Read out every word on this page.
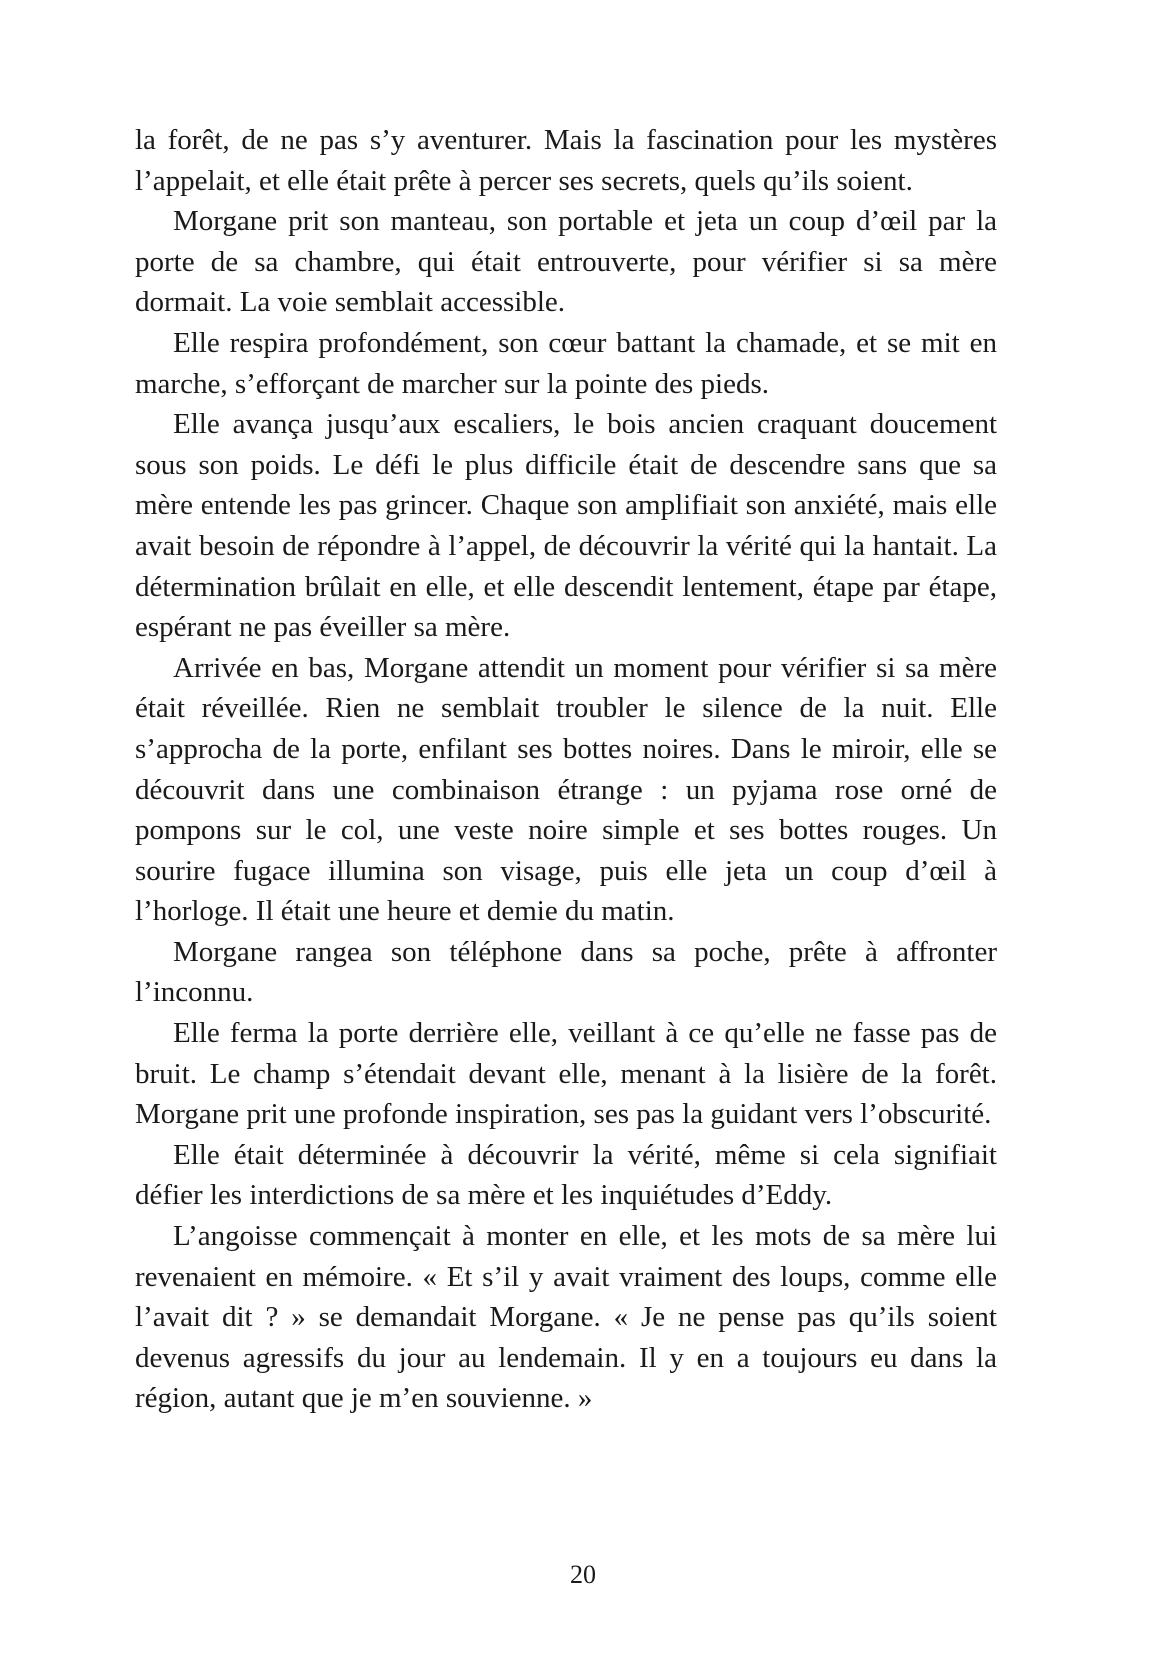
la forêt, de ne pas s’y aventurer. Mais la fascination pour les mystères l’appelait, et elle était prête à percer ses secrets, quels qu’ils soient.

Morgane prit son manteau, son portable et jeta un coup d’œil par la porte de sa chambre, qui était entrouverte, pour vérifier si sa mère dormait. La voie semblait accessible.

Elle respira profondément, son cœur battant la chamade, et se mit en marche, s’efforçant de marcher sur la pointe des pieds.

Elle avança jusqu’aux escaliers, le bois ancien craquant doucement sous son poids. Le défi le plus difficile était de descendre sans que sa mère entende les pas grincer. Chaque son amplifiait son anxiété, mais elle avait besoin de répondre à l’appel, de découvrir la vérité qui la hantait. La détermination brûlait en elle, et elle descendit lentement, étape par étape, espérant ne pas éveiller sa mère.

Arrivée en bas, Morgane attendit un moment pour vérifier si sa mère était réveillée. Rien ne semblait troubler le silence de la nuit. Elle s’approcha de la porte, enfilant ses bottes noires. Dans le miroir, elle se découvrit dans une combinaison étrange : un pyjama rose orné de pompons sur le col, une veste noire simple et ses bottes rouges. Un sourire fugace illumina son visage, puis elle jeta un coup d’œil à l’horloge. Il était une heure et demie du matin.

Morgane rangea son téléphone dans sa poche, prête à affronter l’inconnu.

Elle ferma la porte derrière elle, veillant à ce qu’elle ne fasse pas de bruit. Le champ s’étendait devant elle, menant à la lisière de la forêt. Morgane prit une profonde inspiration, ses pas la guidant vers l’obscurité.

Elle était déterminée à découvrir la vérité, même si cela signifiait défier les interdictions de sa mère et les inquiétudes d’Eddy.

L’angoisse commençait à monter en elle, et les mots de sa mère lui revenaient en mémoire. « Et s’il y avait vraiment des loups, comme elle l’avait dit ? » se demandait Morgane. « Je ne pense pas qu’ils soient devenus agressifs du jour au lendemain. Il y en a toujours eu dans la région, autant que je m’en souvienne. »

20
